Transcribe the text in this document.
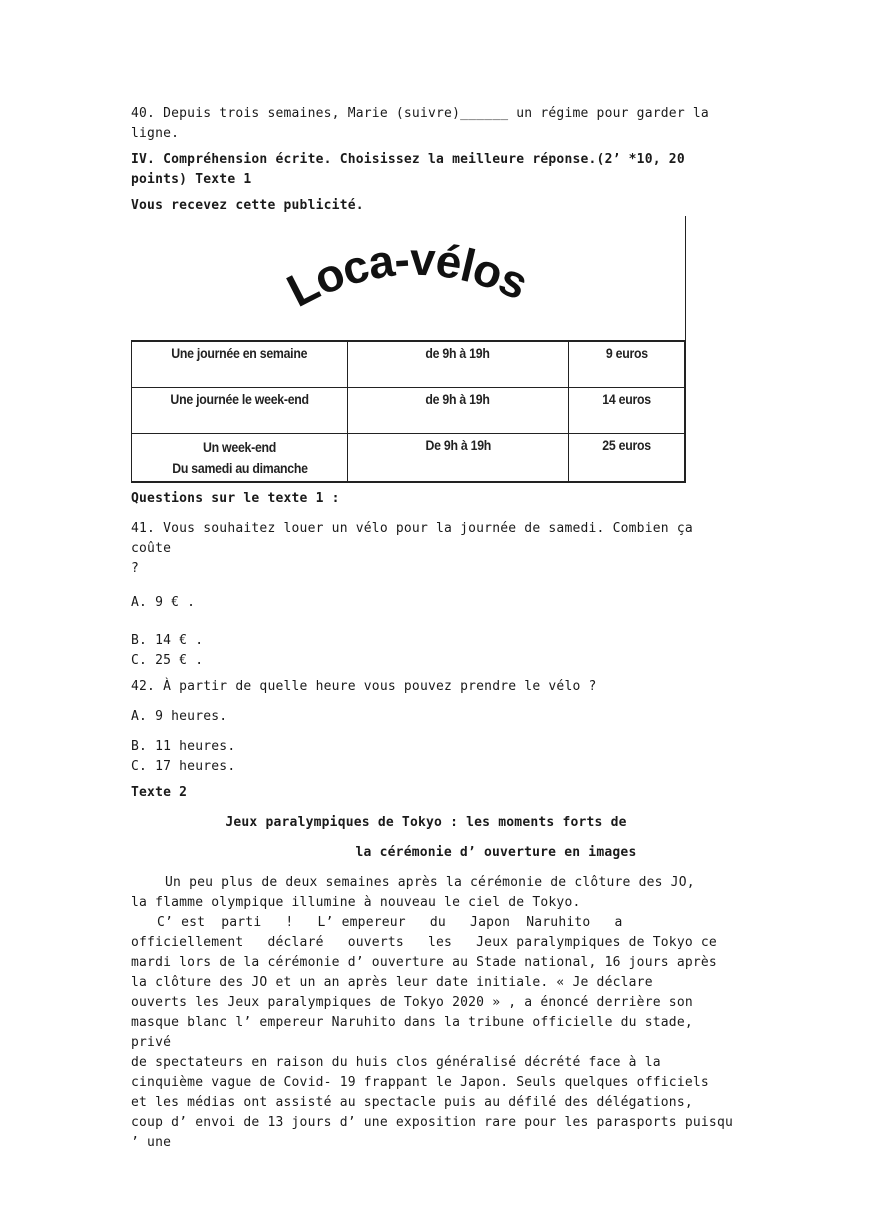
40. Depuis trois semaines, Marie (suivre)______ un régime pour garder la

ligne.

IV. Compréhension écrite. Choisissez la meilleure réponse.(2’ *10, 20

points) Texte 1

Vous recevez cette publicité.

Loca-vélos
Une journée en semaine	de 9h à 19h	9 euros
Une journée le week-end	de 9h à 19h	14 euros
Un week-end
Du samedi au dimanche	De 9h à 19h	25 euros

Questions sur le texte 1 :

41. Vous souhaitez louer un vélo pour la journée de samedi. Combien ça coûte

?

A. 9 € .

B. 14 € .

C. 25 € .

42. À partir de quelle heure vous pouvez prendre le vélo ?

A. 9 heures.

B. 11 heures.

C. 17 heures.

Texte 2

Jeux paralympiques de Tokyo : les moments forts de

la cérémonie d’ ouverture en images

Un peu plus de deux semaines après la cérémonie de clôture des JO,

la flamme olympique illumine à nouveau le ciel de Tokyo.

C’ est  parti   !   L’ empereur   du   Japon  Naruhito   a

officiellement   déclaré   ouverts   les   Jeux paralympiques de Tokyo ce

mardi lors de la cérémonie d’ ouverture au Stade national, 16 jours après

la clôture des JO et un an après leur date initiale. « Je déclare

ouverts les Jeux paralympiques de Tokyo 2020 » , a énoncé derrière son

masque blanc l’ empereur Naruhito dans la tribune officielle du stade, privé

de spectateurs en raison du huis clos généralisé décrété face à la

cinquième vague de Covid- 19 frappant le Japon. Seuls quelques officiels

et les médias ont assisté au spectacle puis au défilé des délégations,

coup d’ envoi de 13 jours d’ une exposition rare pour les parasports puisqu

’ une
